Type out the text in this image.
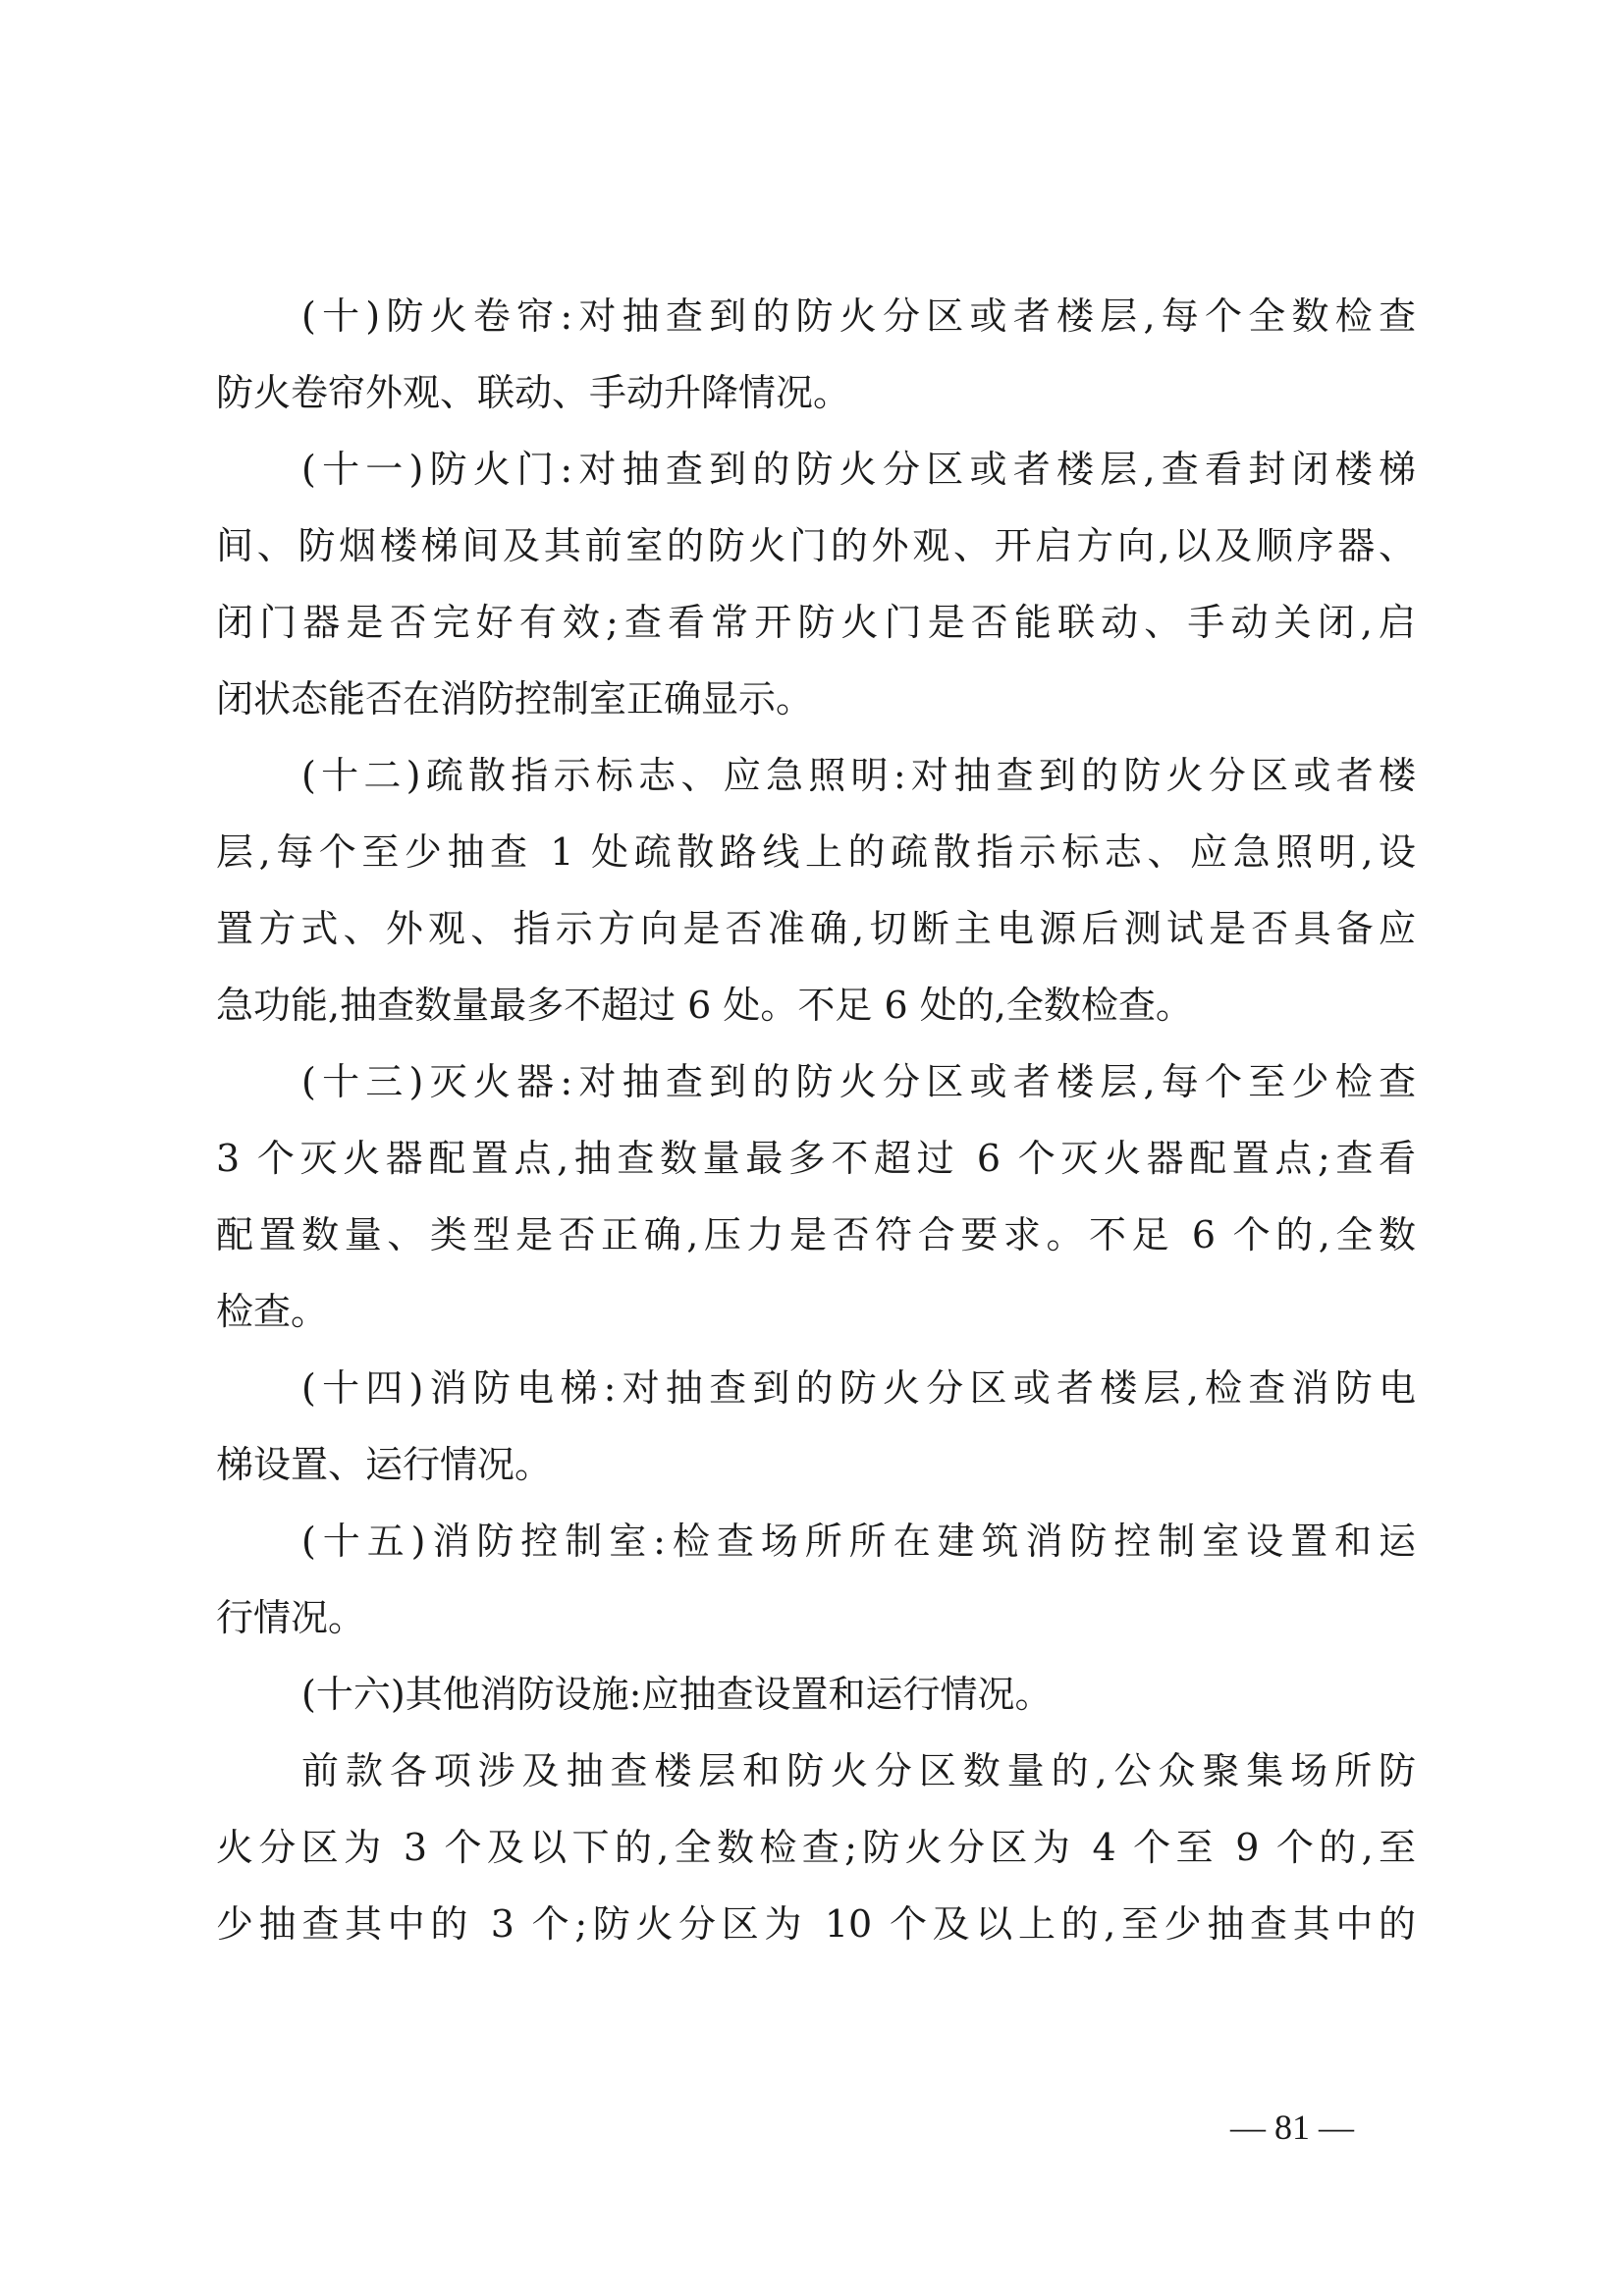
(十)防火卷帘:对抽查到的防火分区或者楼层,每个全数检查
防火卷帘外观、联动、手动升降情况。
(十一)防火门:对抽查到的防火分区或者楼层,查看封闭楼梯
间、防烟楼梯间及其前室的防火门的外观、开启方向,以及顺序器、
闭门器是否完好有效;查看常开防火门是否能联动、手动关闭,启
闭状态能否在消防控制室正确显示。
(十二)疏散指示标志、应急照明:对抽查到的防火分区或者楼
层,每个至少抽查 1 处疏散路线上的疏散指示标志、应急照明,设
置方式、外观、指示方向是否准确,切断主电源后测试是否具备应
急功能,抽查数量最多不超过 6 处。不足 6 处的,全数检查。
(十三)灭火器:对抽查到的防火分区或者楼层,每个至少检查
3 个灭火器配置点,抽查数量最多不超过 6 个灭火器配置点;查看
配置数量、类型是否正确,压力是否符合要求。不足 6 个的,全数
检查。
(十四)消防电梯:对抽查到的防火分区或者楼层,检查消防电
梯设置、运行情况。
(十五)消防控制室:检查场所所在建筑消防控制室设置和运
行情况。
(十六)其他消防设施:应抽查设置和运行情况。
前款各项涉及抽查楼层和防火分区数量的,公众聚集场所防
火分区为 3 个及以下的,全数检查;防火分区为 4 个至 9 个的,至
少抽查其中的 3 个;防火分区为 10 个及以上的,至少抽查其中的
— 81 —
